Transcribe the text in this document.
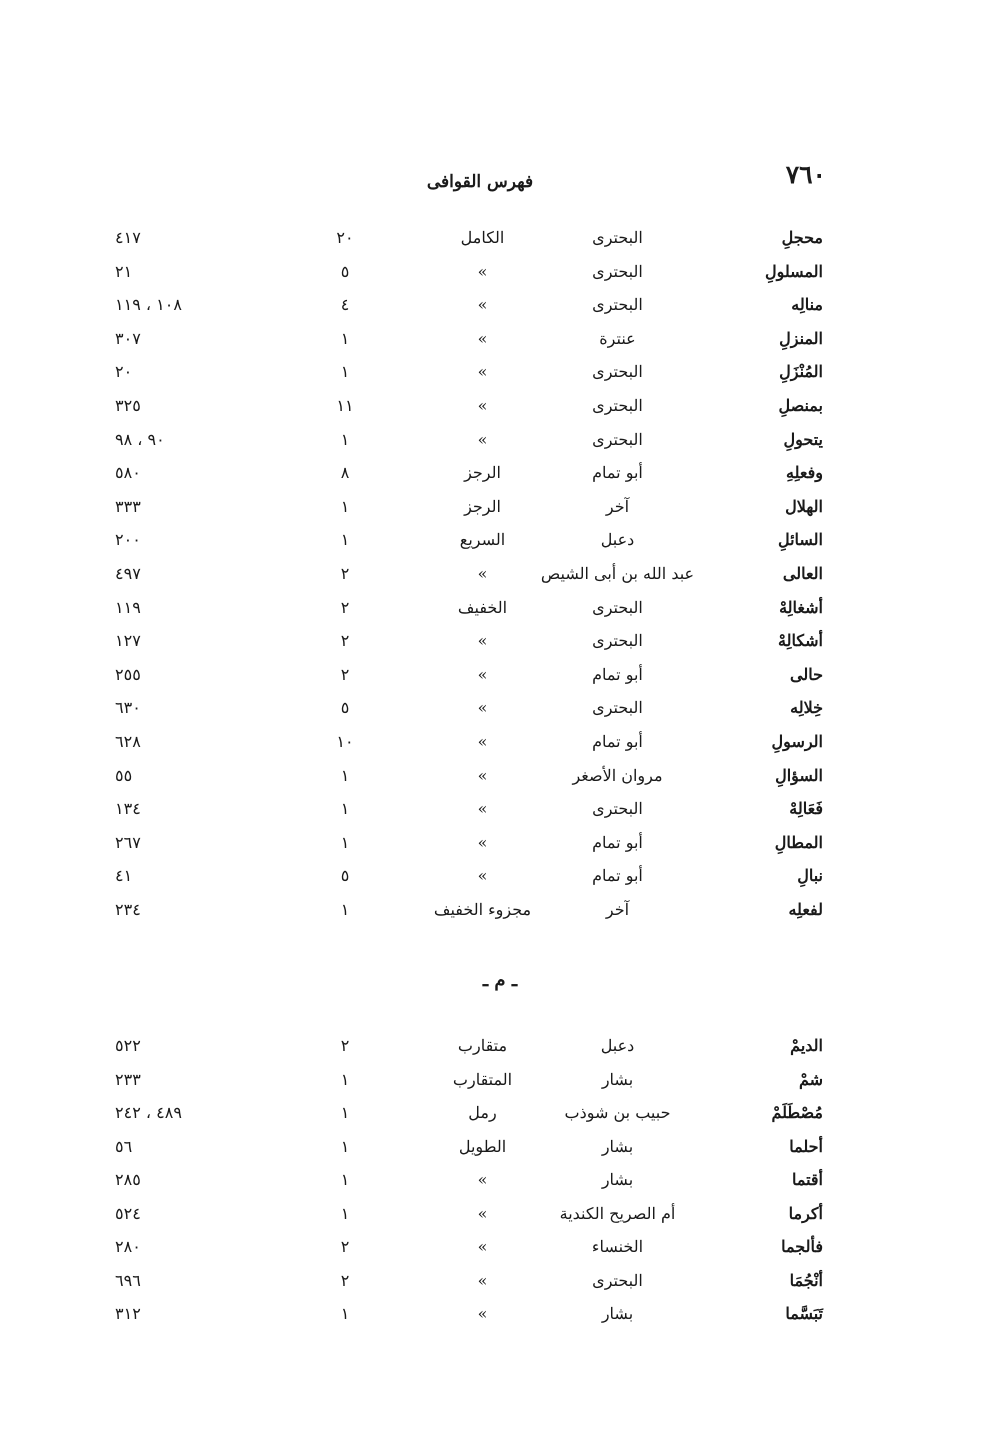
٧٦٠
فهرس القوافى
محجلِ
البحترى
الكامل
٢٠
٤١٧
المسلولِ
البحترى
»
٥
٢١
منالِه
البحترى
»
٤
١٠٨ ، ١١٩
المنزلِ
عنترة
»
١
٣٠٧
المُنْزَلِ
البحترى
»
١
٢٠
بمنصلِ
البحترى
»
١١
٣٢٥
يتحولِ
البحترى
»
١
٩٠ ، ٩٨
وفعلِهِ
أبو تمام
الرجز
٨
٥٨٠
الهلال
آخر
الرجز
١
٣٣٣
السائلِ
دعبل
السريع
١
٢٠٠
العالى
عبد الله بن أبى الشيص
»
٢
٤٩٧
أشغالِهْ
البحترى
الخفيف
٢
١١٩
أشكالِهْ
البحترى
»
٢
١٢٧
حالى
أبو تمام
»
٢
٢٥٥
خِلالِه
البحترى
»
٥
٦٣٠
الرسولِ
أبو تمام
»
١٠
٦٢٨
السؤالِ
مروان الأصغر
»
١
٥٥
فَعَالِهْ
البحترى
»
١
١٣٤
المطالِ
أبو تمام
»
١
٢٦٧
نبالِ
أبو تمام
»
٥
٤١
لفعلِه
آخر
مجزوء الخفيف
١
٢٣٤
ـ م ـ
الديمْ
دعبل
متقارب
٢
٥٢٢
شمْ
بشار
المتقارب
١
٢٣٣
مُصْطَلَمْ
حبيب بن شوذب
رمل
١
٤٨٩ ، ٢٤٢
أحلما
بشار
الطويل
١
٥٦
أقتما
بشار
»
١
٢٨٥
أكرما
أم الصريح الكندية
»
١
٥٢٤
فألجما
الخنساء
»
٢
٢٨٠
أنْجُمَا
البحترى
»
٢
٦٩٦
تَبَسَّما
بشار
»
١
٣١٢
